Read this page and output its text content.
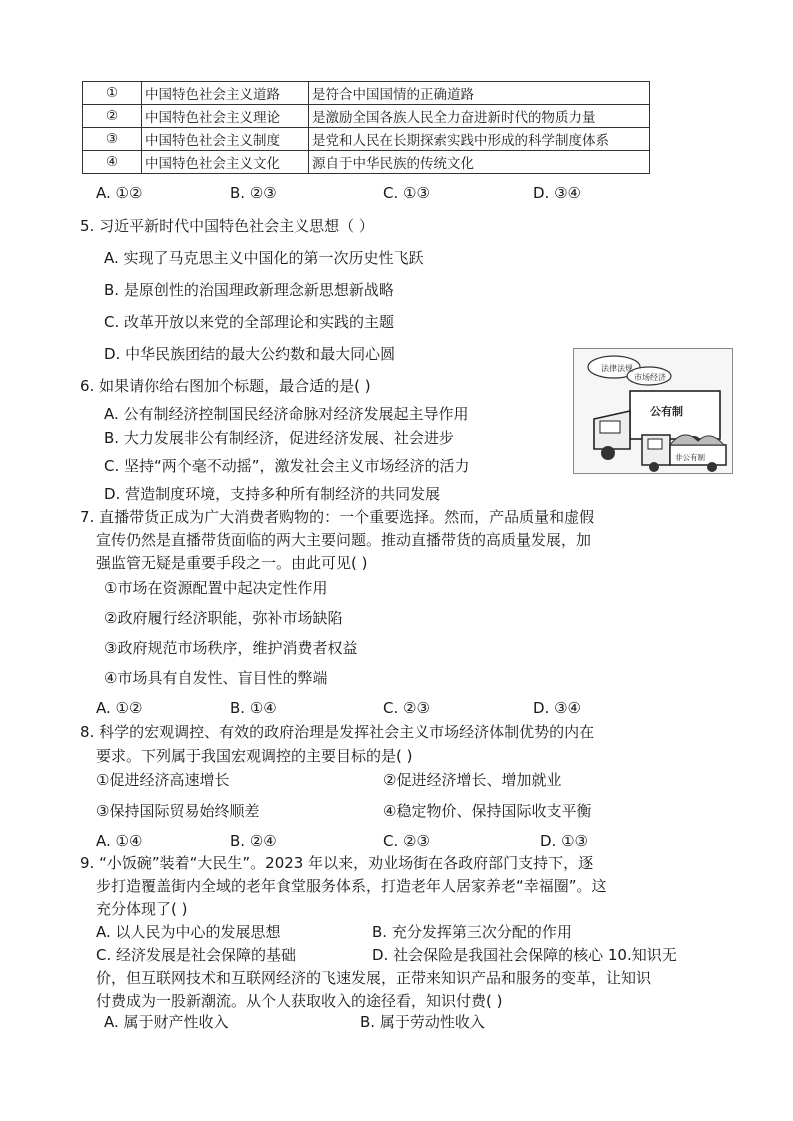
①	中国特色社会主义道路	是符合中国国情的正确道路
②	中国特色社会主义理论	是激励全国各族人民全力奋进新时代的物质力量
③	中国特色社会主义制度	是党和人民在长期探索实践中形成的科学制度体系
④	中国特色社会主义文化	源自于中华民族的传统文化
A. ①②	B. ②③	C. ①③	D. ③④
5. 习近平新时代中国特色社会主义思想（ ）
A. 实现了马克思主义中国化的第一次历史性飞跃
B. 是原创性的治国理政新理念新思想新战略
C. 改革开放以来党的全部理论和实践的主题
D. 中华民族团结的最大公约数和最大同心圆
6. 如果请你给右图加个标题，最合适的是( )
A. 公有制经济控制国民经济命脉对经济发展起主导作用
B. 大力发展非公有制经济，促进经济发展、社会进步
C. 坚持“两个毫不动摇”，激发社会主义市场经济的活力
D. 营造制度环境，支持多种所有制经济的共同发展
法律法规
市场经济
公有制
非公有制
7. 直播带货正成为广大消费者购物的：一个重要选择。然而，产品质量和虚假
宣传仍然是直播带货面临的两大主要问题。推动直播带货的高质量发展，加
强监管无疑是重要手段之一。由此可见( )
①市场在资源配置中起决定性作用
②政府履行经济职能，弥补市场缺陷
③政府规范市场秩序，维护消费者权益
④市场具有自发性、盲目性的弊端
A. ①②	B. ①④	C. ②③	D. ③④
8. 科学的宏观调控、有效的政府治理是发挥社会主义市场经济体制优势的内在
要求。下列属于我国宏观调控的主要目标的是( )
①促进经济高速增长	②促进经济增长、增加就业
③保持国际贸易始终顺差	④稳定物价、保持国际收支平衡
A. ①④	B. ②④	C. ②③	D. ①③
9. “小饭碗”装着“大民生”。2023 年以来，劝业场街在各政府部门支持下，逐
步打造覆盖街内全域的老年食堂服务体系，打造老年人居家养老“幸福圈”。这
充分体现了( )
A. 以人民为中心的发展思想	B. 充分发挥第三次分配的作用
C. 经济发展是社会保障的基础	D. 社会保险是我国社会保障的核心 10.知识无
价，但互联网技术和互联网经济的飞速发展，正带来知识产品和服务的变革，让知识
付费成为一股新潮流。从个人获取收入的途径看，知识付费( )
A. 属于财产性收入	B. 属于劳动性收入
